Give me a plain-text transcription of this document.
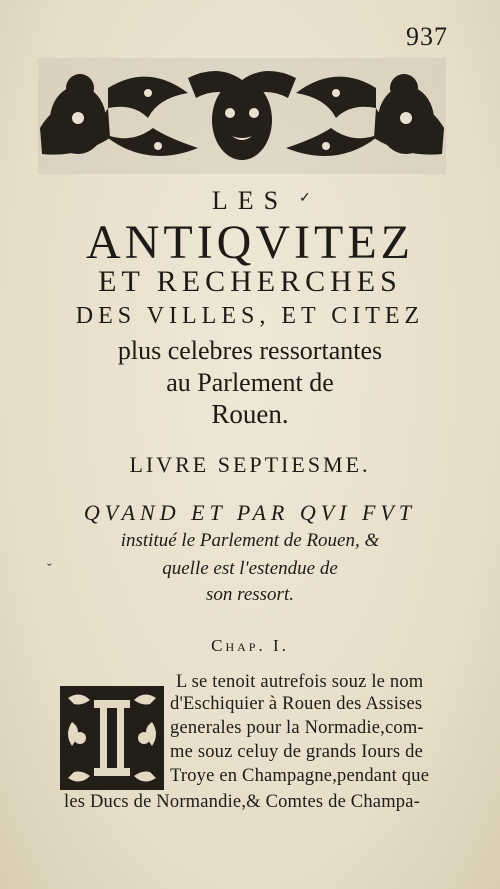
937
LES ✓
ANTIQVITEZ
ET RECHERCHES
DES VILLES, ET CITEZ
plus celebres ressortantes
au Parlement de
Rouen.
LIVRE SEPTIESME.
QVAND ET PAR QVI FVT
institué le Parlement de Rouen, &
ˇ	quelle est l'estendue de
son ressort.
Chap. I.
L se tenoit autrefois souz le nom
d'Eschiquier à Rouen des Assises
generales pour la Normadie,com-
me souz celuy de grands Iours de
Troye en Champagne,pendant que
les Ducs de Normandie,& Comtes de Champa-
